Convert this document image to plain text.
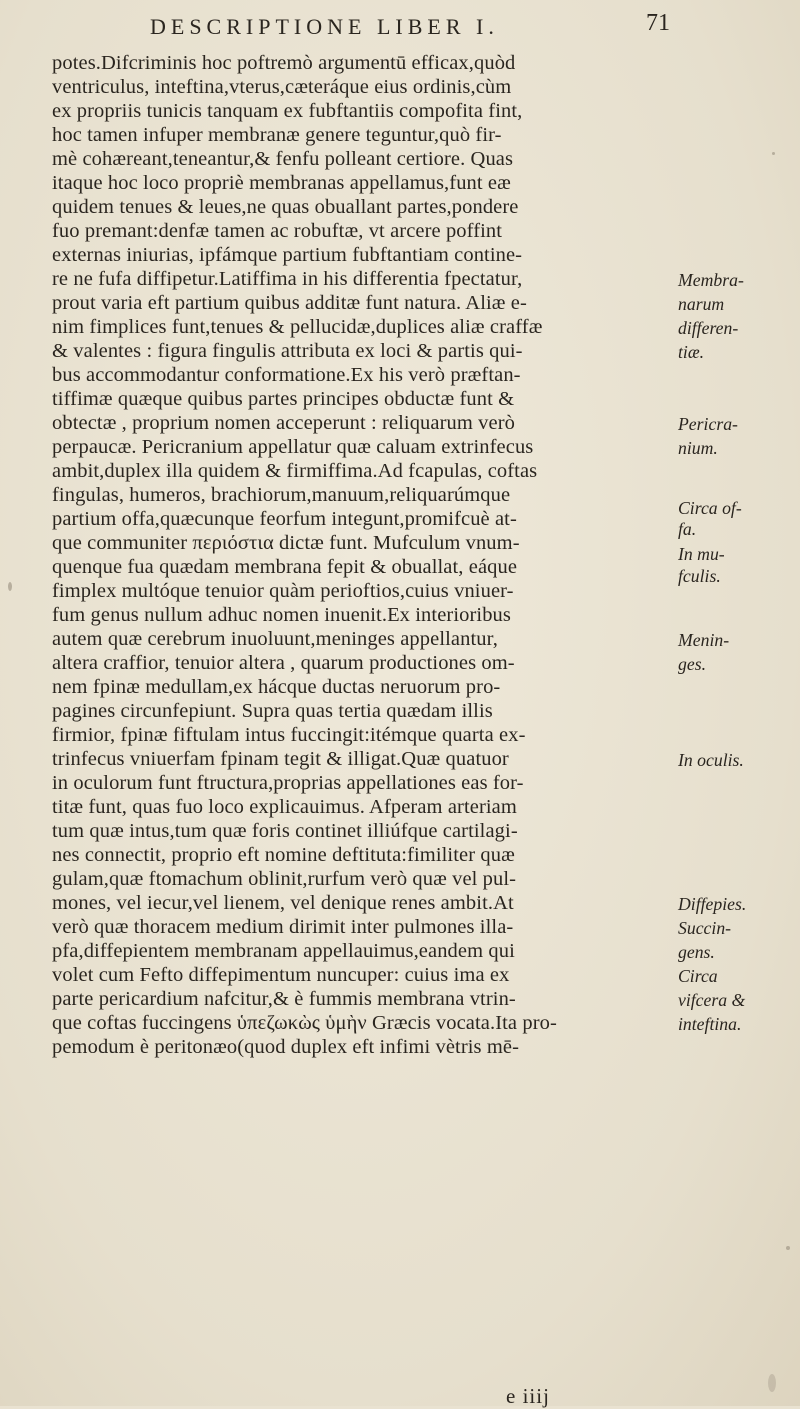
DESCRIPTIONE LIBER I.	71
potes.Difcriminis hoc poftremò argumentū efficax,quòd
ventriculus, inteftina,vterus,cæteráque eius ordinis,cùm
ex propriis tunicis tanquam ex fubftantiis compofita fint,
hoc tamen infuper membranæ genere teguntur,quò fir-
mè cohæreant,teneantur,& fenfu polleant certiore. Quas
itaque hoc loco propriè membranas appellamus,funt eæ
quidem tenues & leues,ne quas obuallant partes,pondere
fuo premant:denfæ tamen ac robuftæ, vt arcere poffint
externas iniurias, ipfámque partium fubftantiam contine-
re ne fufa diffipetur.Latiffima in his differentia fpectatur,
prout varia eft partium quibus additæ funt natura. Aliæ e-
nim fimplices funt,tenues & pellucidæ,duplices aliæ craffæ
& valentes : figura fingulis attributa ex loci & partis qui-
bus accommodantur conformatione.Ex his verò præftan-
tiffimæ quæque quibus partes principes obductæ funt &
obtectæ , proprium nomen acceperunt : reliquarum verò
perpaucæ. Pericranium appellatur quæ caluam extrinfecus
ambit,duplex illa quidem & firmiffima.Ad fcapulas, coftas
fingulas, humeros, brachiorum,manuum,reliquarúmque
partium offa,quæcunque feorfum integunt,promifcuè at-
que communiter περιόστια dictæ funt. Mufculum vnum-
quenque fua quædam membrana fepit & obuallat, eáque
fimplex multóque tenuior quàm perioftios,cuius vniuer-
fum genus nullum adhuc nomen inuenit.Ex interioribus
autem quæ cerebrum inuoluunt,meninges appellantur,
altera craffior, tenuior altera , quarum productiones om-
nem fpinæ medullam,ex hácque ductas neruorum pro-
pagines circunfepiunt. Supra quas tertia quædam illis
firmior, fpinæ fiftulam intus fuccingit:itémque quarta ex-
trinfecus vniuerfam fpinam tegit & illigat.Quæ quatuor
in oculorum funt ftructura,proprias appellationes eas for-
titæ funt, quas fuo loco explicauimus. Afperam arteriam
tum quæ intus,tum quæ foris continet illiúfque cartilagi-
nes connectit, proprio eft nomine deftituta:fimiliter quæ
gulam,quæ ftomachum oblinit,rurfum verò quæ vel pul-
mones, vel iecur,vel lienem, vel denique renes ambit.At
verò quæ thoracem medium dirimit inter pulmones illa-
pfa,diffepientem membranam appellauimus,eandem qui
volet cum Fefto diffepimentum nuncuper: cuius ima ex
parte pericardium nafcitur,& è fummis membrana vtrin-
que coftas fuccingens ὑπεζωκὼς ὑμὴν Græcis vocata.Ita pro-
pemodum è peritonæo(quod duplex eft infimi vètris mē-
Membra-
narum
differen-
tiæ.
Pericra-
nium.
Circa of-
fa.
In mu-
fculis.
Menin-
ges.
In oculis.
Diffepies.
Succin-
gens.
Circa
vifcera &
inteftina.
e iiij
